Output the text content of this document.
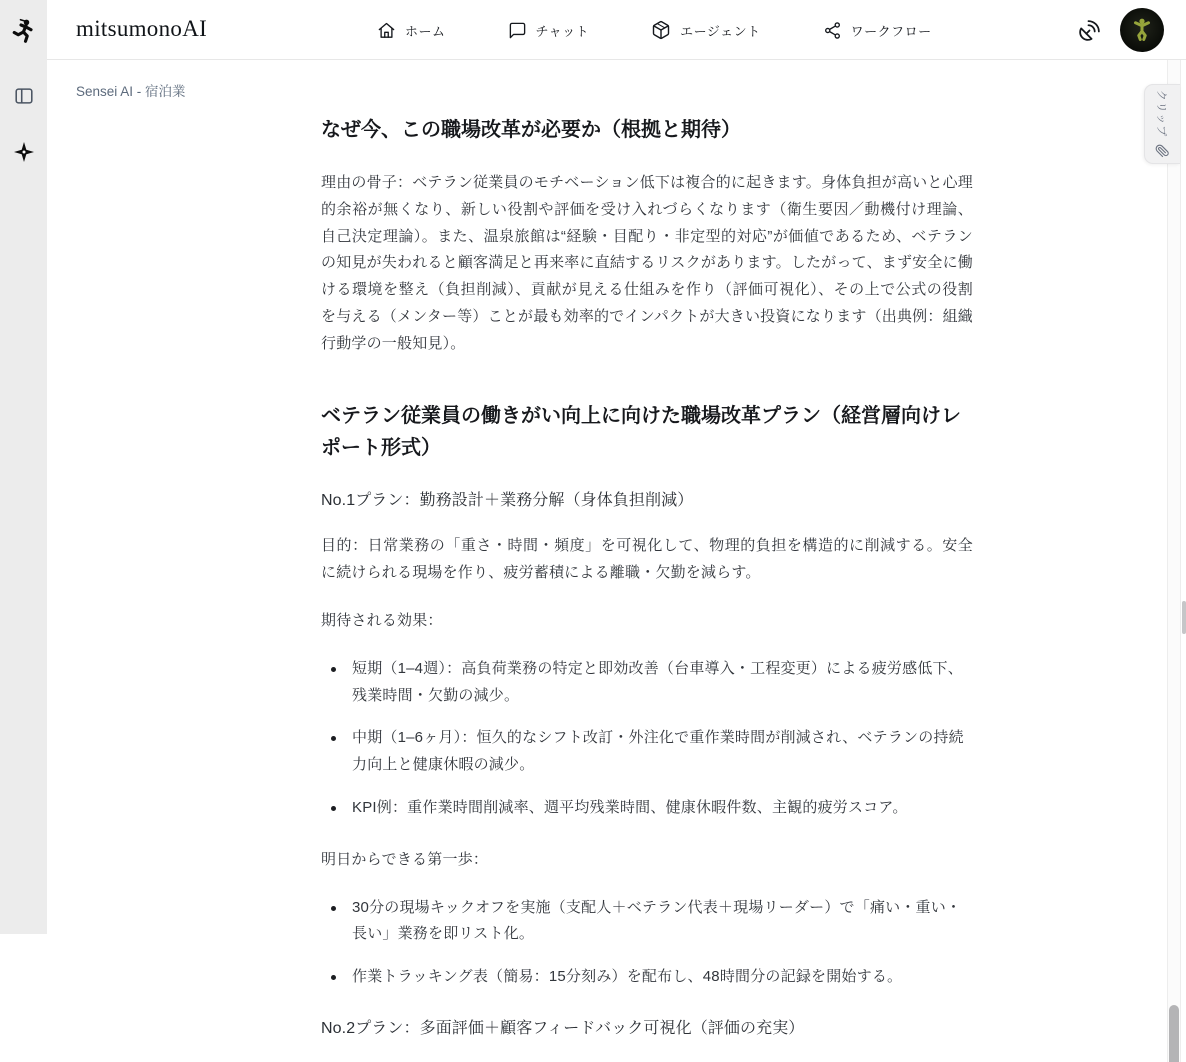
mitsumonoAI	ホーム	チャット	エージェント	ワークフロー
Sensei AI - 宿泊業
なぜ今、この職場改革が必要か（根拠と期待）

理由の骨子：ベテラン従業員のモチベーション低下は複合的に起きます。身体負担が高いと心理的余裕が無くなり、新しい役割や評価を受け入れづらくなります（衛生要因／動機付け理論、自己決定理論）。また、温泉旅館は“経験・目配り・非定型的対応”が価値であるため、ベテランの知見が失われると顧客満足と再来率に直結するリスクがあります。したがって、まず安全に働ける環境を整え（負担削減）、貢献が見える仕組みを作り（評価可視化）、その上で公式の役割を与える（メンター等）ことが最も効率的でインパクトが大きい投資になります（出典例：組織行動学の一般知見）。

ベテラン従業員の働きがい向上に向けた職場改革プラン（経営層向けレポート形式）

No.1プラン：勤務設計＋業務分解（身体負担削減）

目的：日常業務の「重さ・時間・頻度」を可視化して、物理的負担を構造的に削減する。安全に続けられる現場を作り、疲労蓄積による離職・欠勤を減らす。

期待される効果：

短期（1–4週）：高負荷業務の特定と即効改善（台車導入・工程変更）による疲労感低下、残業時間・欠勤の減少。
中期（1–6ヶ月）：恒久的なシフト改訂・外注化で重作業時間が削減され、ベテランの持続力向上と健康休暇の減少。
KPI例：重作業時間削減率、週平均残業時間、健康休暇件数、主観的疲労スコア。

明日からできる第一歩：

30分の現場キックオフを実施（支配人＋ベテラン代表＋現場リーダー）で「痛い・重い・長い」業務を即リスト化。
作業トラッキング表（簡易：15分刻み）を配布し、48時間分の記録を開始する。

No.2プラン：多面評価＋顧客フィードバック可視化（評価の充実）

クリップ
